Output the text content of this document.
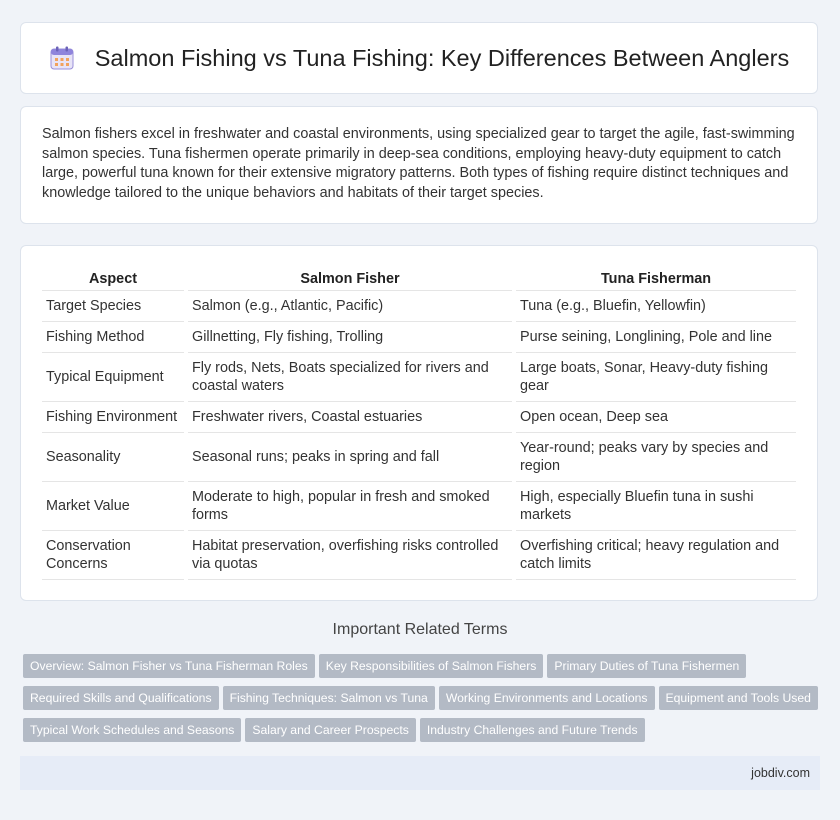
Salmon Fishing vs Tuna Fishing: Key Differences Between Anglers

Salmon fishers excel in freshwater and coastal environments, using specialized gear to target the agile, fast-swimming salmon species. Tuna fishermen operate primarily in deep-sea conditions, employing heavy-duty equipment to catch large, powerful tuna known for their extensive migratory patterns. Both types of fishing require distinct techniques and knowledge tailored to the unique behaviors and habitats of their target species.

Aspect	Salmon Fisher	Tuna Fisherman
Target Species	Salmon (e.g., Atlantic, Pacific)	Tuna (e.g., Bluefin, Yellowfin)
Fishing Method	Gillnetting, Fly fishing, Trolling	Purse seining, Longlining, Pole and line
Typical Equipment	Fly rods, Nets, Boats specialized for rivers and coastal waters	Large boats, Sonar, Heavy-duty fishing gear
Fishing Environment	Freshwater rivers, Coastal estuaries	Open ocean, Deep sea
Seasonality	Seasonal runs; peaks in spring and fall	Year-round; peaks vary by species and region
Market Value	Moderate to high, popular in fresh and smoked forms	High, especially Bluefin tuna in sushi markets
Conservation Concerns	Habitat preservation, overfishing risks controlled via quotas	Overfishing critical; heavy regulation and catch limits
Important Related Terms
Overview: Salmon Fisher vs Tuna Fisherman Roles Key Responsibilities of Salmon Fishers Primary Duties of Tuna Fishermen
Required Skills and Qualifications Fishing Techniques: Salmon vs Tuna Working Environments and Locations Equipment and Tools Used
Typical Work Schedules and Seasons Salary and Career Prospects Industry Challenges and Future Trends
jobdiv.com
